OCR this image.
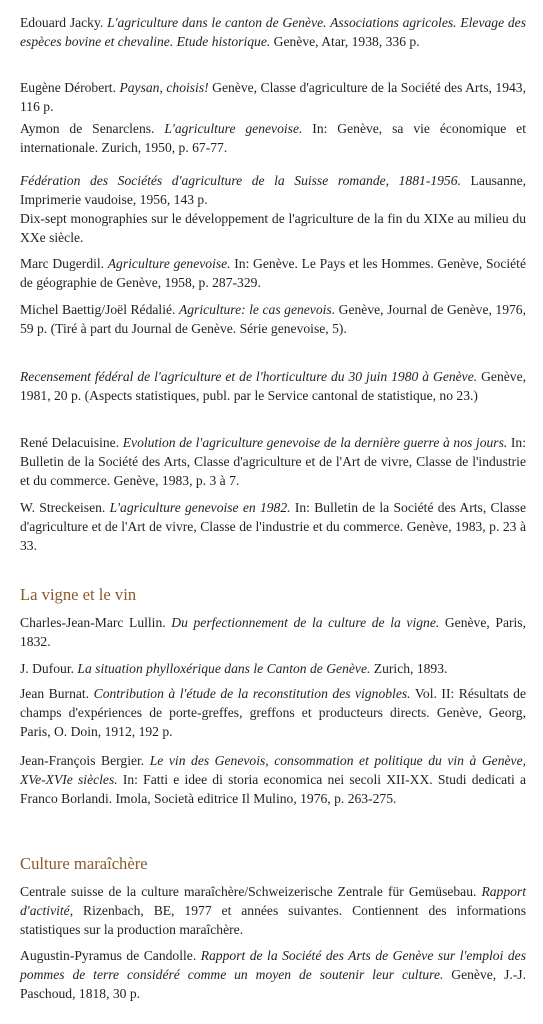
Edouard Jacky. L'agriculture dans le canton de Genève. Associations agricoles. Elevage des espèces bovine et chevaline. Etude historique. Genève, Atar, 1938, 336 p.

Eugène Dérobert. Paysan, choisis! Genève, Classe d'agriculture de la Société des Arts, 1943, 116 p.

Aymon de Senarclens. L'agriculture genevoise. In: Genève, sa vie économique et internationale. Zurich, 1950, p. 67-77.

Fédération des Sociétés d'agriculture de la Suisse romande, 1881-1956. Lausanne, Imprimerie vaudoise, 1956, 143 p.

Dix-sept monographies sur le développement de l'agriculture de la fin du XIXe au milieu du XXe siècle.

Marc Dugerdil. Agriculture genevoise. In: Genève. Le Pays et les Hommes. Genève, Société de géographie de Genève, 1958, p. 287-329.

Michel Baettig/Joël Rédalié. Agriculture: le cas genevois. Genève, Journal de Genève, 1976, 59 p. (Tiré à part du Journal de Genève. Série genevoise, 5).

Recensement fédéral de l'agriculture et de l'horticulture du 30 juin 1980 à Genève. Genève, 1981, 20 p. (Aspects statistiques, publ. par le Service cantonal de statistique, no 23.)

René Delacuisine. Evolution de l'agriculture genevoise de la dernière guerre à nos jours. In: Bulletin de la Société des Arts, Classe d'agriculture et de l'Art de vivre, Classe de l'industrie et du commerce. Genève, 1983, p. 3 à 7.

W. Streckeisen. L'agriculture genevoise en 1982. In: Bulletin de la Société des Arts, Classe d'agriculture et de l'Art de vivre, Classe de l'industrie et du commerce. Genève, 1983, p. 23 à 33.

La vigne et le vin

Charles-Jean-Marc Lullin. Du perfectionnement de la culture de la vigne. Genève, Paris, 1832.

J. Dufour. La situation phylloxérique dans le Canton de Genève. Zurich, 1893.

Jean Burnat. Contribution à l'étude de la reconstitution des vignobles. Vol. II: Résultats de champs d'expériences de porte-greffes, greffons et producteurs directs. Genève, Georg, Paris, O. Doin, 1912, 192 p.

Jean-François Bergier. Le vin des Genevois, consommation et politique du vin à Genève, XVe-XVIe siècles. In: Fatti e idee di storia economica nei secoli XII-XX. Studi dedicati a Franco Borlandi. Imola, Società editrice Il Mulino, 1976, p. 263-275.

Culture maraîchère

Centrale suisse de la culture maraîchère/Schweizerische Zentrale für Gemüsebau. Rapport d'activité, Rizenbach, BE, 1977 et années suivantes. Contiennent des informations statistiques sur la production maraîchère.

Augustin-Pyramus de Candolle. Rapport de la Société des Arts de Genève sur l'emploi des pommes de terre considéré comme un moyen de soutenir leur culture. Genève, J.-J. Paschoud, 1818, 30 p.
